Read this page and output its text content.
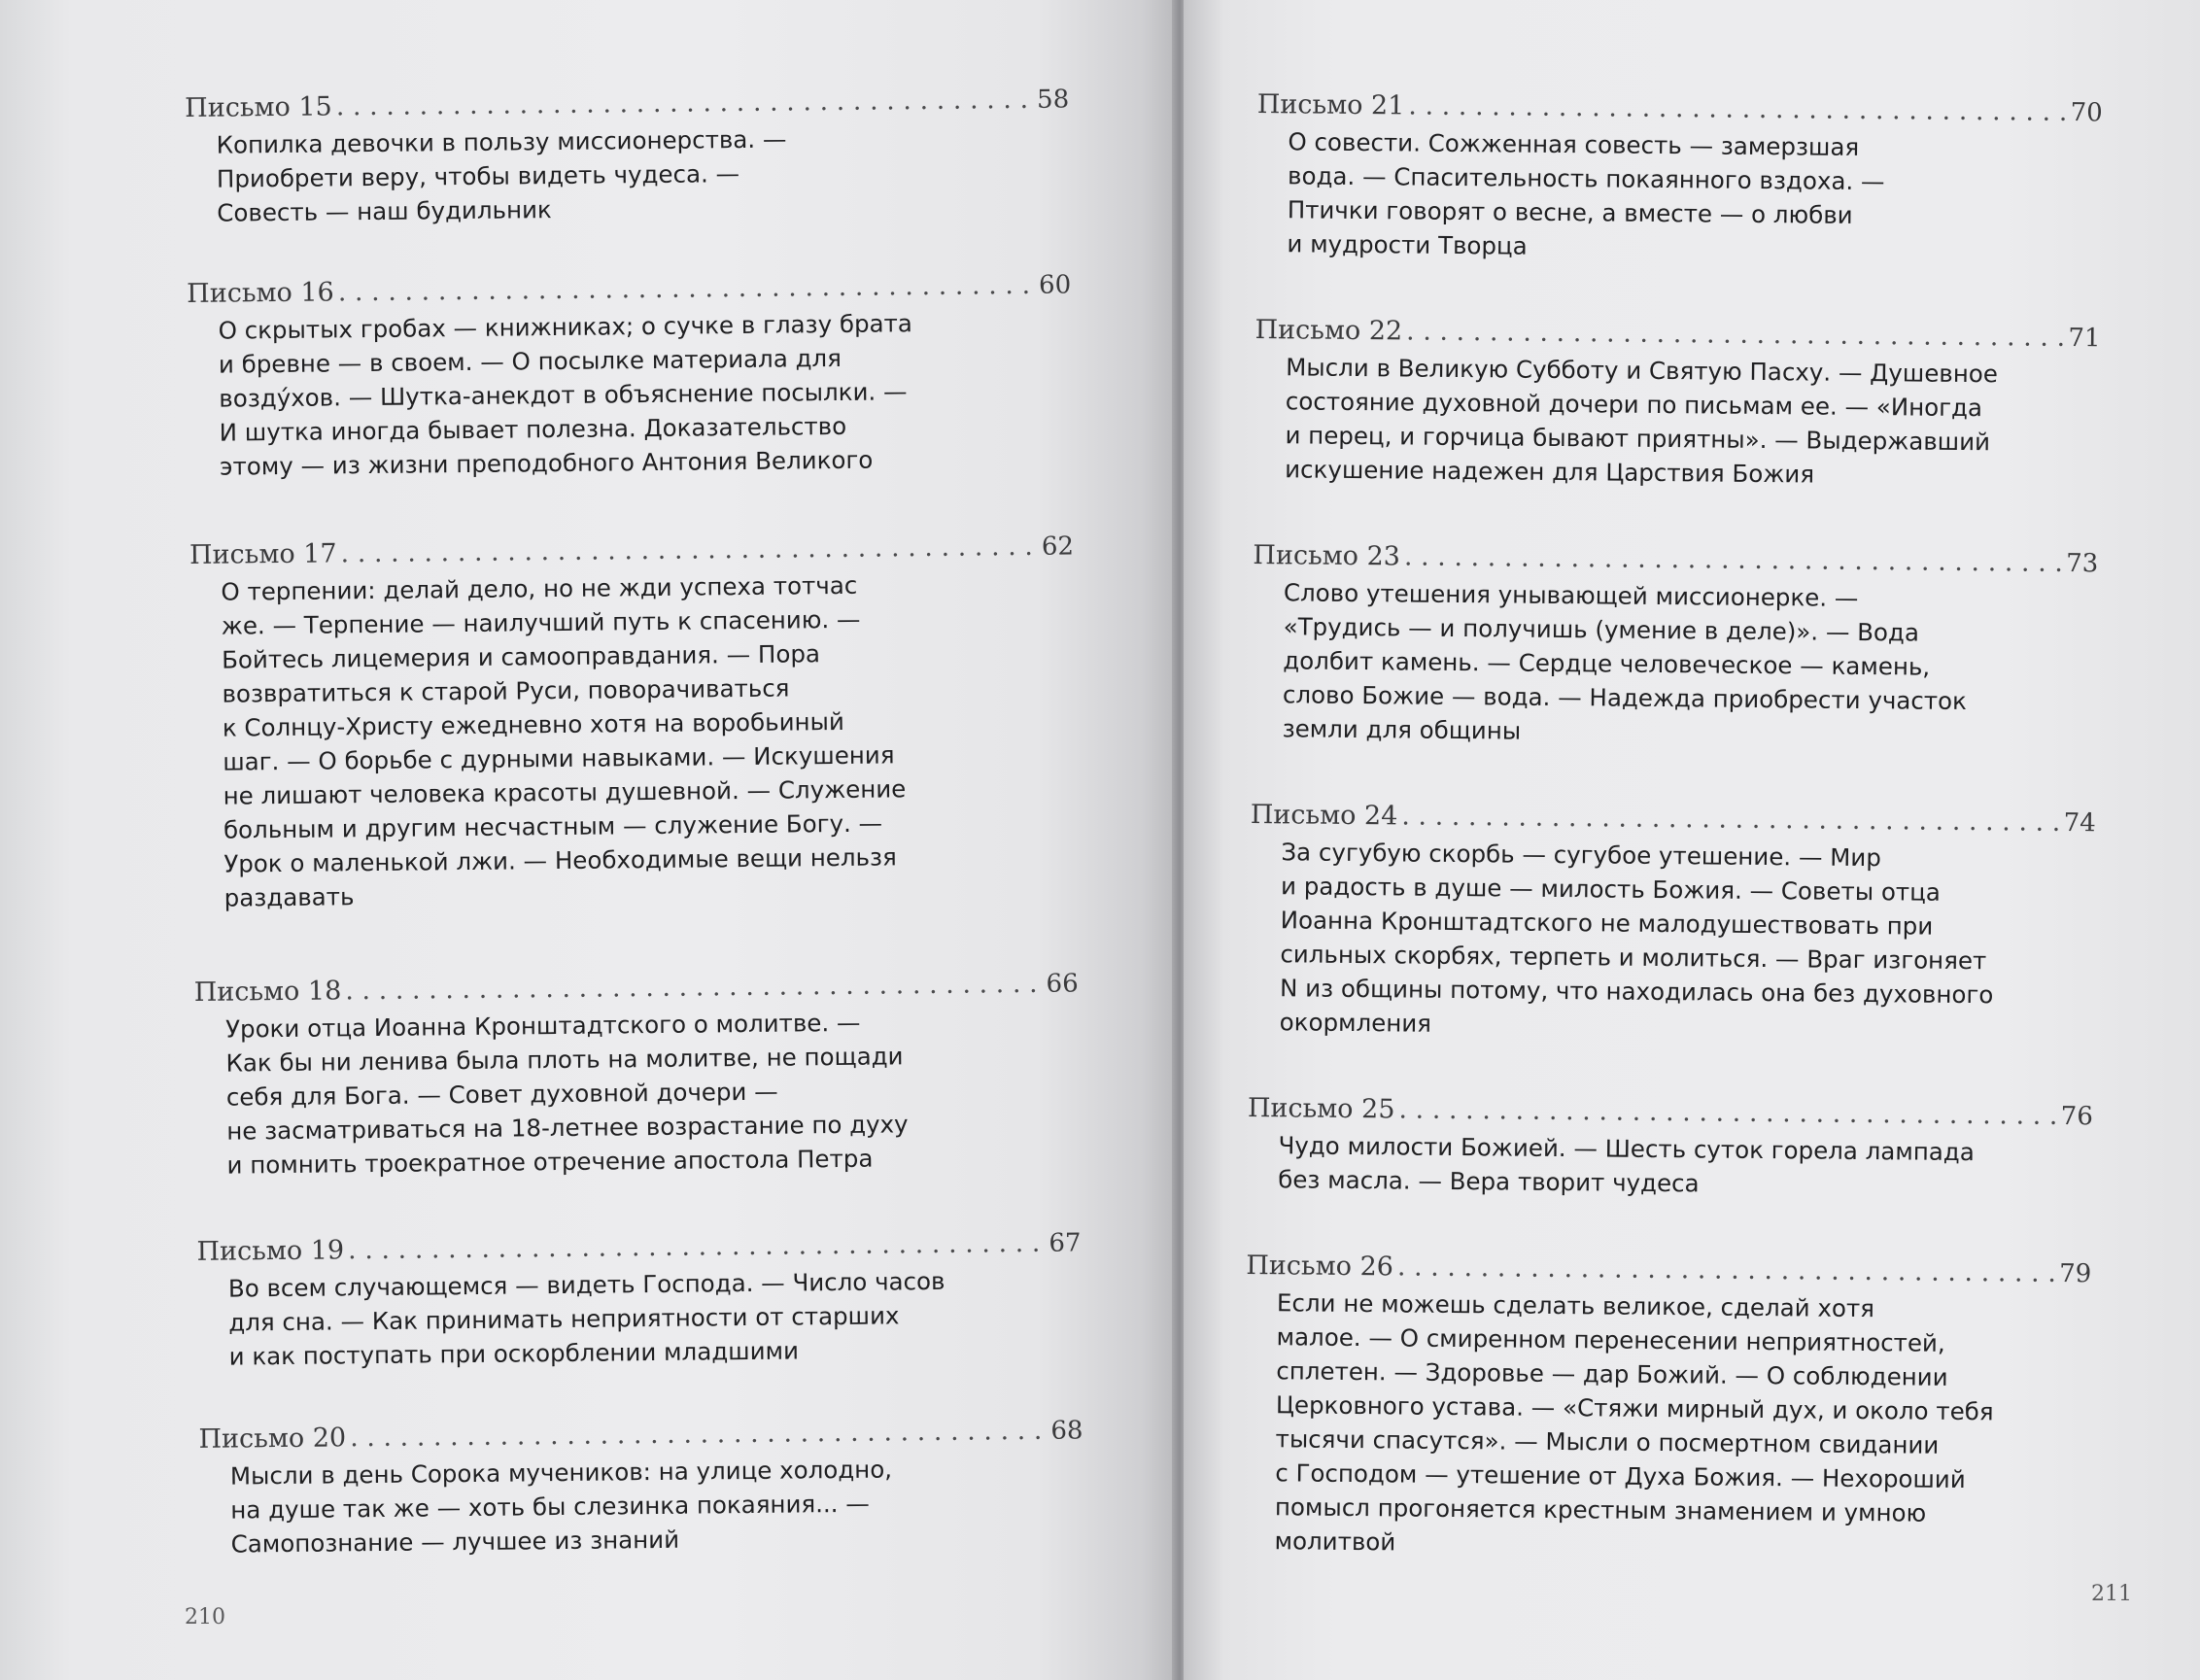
Письмо 15 . . .	58
Копилка девочки в пользу миссионерства. —
Приобрети веру, чтобы видеть чудеса. —
Совесть — наш будильник
Письмо 16 . . .	60
О скрытых гробах — книжниках; о сучке в глазу брата
и бревне — в своем. — О посылке материала для
возду́хов. — Шутка-анекдот в объяснение посылки. —
И шутка иногда бывает полезна. Доказательство
этому — из жизни преподобного Антония Великого
Письмо 17 . . .	62
О терпении: делай дело, но не жди успеха тотчас
же. — Терпение — наилучший путь к спасению. —
Бойтесь лицемерия и самооправдания. — Пора
возвратиться к старой Руси, поворачиваться
к Солнцу-Христу ежедневно хотя на воробьиный
шаг. — О борьбе с дурными навыками. — Искушения
не лишают человека красоты душевной. — Служение
больным и другим несчастным — служение Богу. —
Урок о маленькой лжи. — Необходимые вещи нельзя
раздавать
Письмо 18 . . .	66
Уроки отца Иоанна Кронштадтского о молитве. —
Как бы ни ленива была плоть на молитве, не пощади
себя для Бога. — Совет духовной дочери —
не засматриваться на 18-летнее возрастание по духу
и помнить троекратное отречение апостола Петра
Письмо 19 . . .	67
Во всем случающемся — видеть Господа. — Число часов
для сна. — Как принимать неприятности от старших
и как поступать при оскорблении младшими
Письмо 20 . . .	68
Мысли в день Сорока мучеников: на улице холодно,
на душе так же — хоть бы слезинка покаяния... —
Самопознание — лучшее из знаний
210
Письмо 21 . . .	70
О совести. Сожженная совесть — замерзшая
вода. — Спасительность покаянного вздоха. —
Птички говорят о весне, а вместе — о любви
и мудрости Творца
Письмо 22 . . .	71
Мысли в Великую Субботу и Святую Пасху. — Душевное
состояние духовной дочери по письмам ее. — «Иногда
и перец, и горчица бывают приятны». — Выдержавший
искушение надежен для Царствия Божия
Письмо 23 . . .	73
Слово утешения унывающей миссионерке. —
«Трудись — и получишь (умение в деле)». — Вода
долбит камень. — Сердце человеческое — камень,
слово Божие — вода. — Надежда приобрести участок
земли для общины
Письмо 24 . . .	74
За сугубую скорбь — сугубое утешение. — Мир
и радость в душе — милость Божия. — Советы отца
Иоанна Кронштадтского не малодушествовать при
сильных скорбях, терпеть и молиться. — Враг изгоняет
N из общины потому, что находилась она без духовного
окормления
Письмо 25 . . .	76
Чудо милости Божией. — Шесть суток горела лампада
без масла. — Вера творит чудеса
Письмо 26 . . .	79
Если не можешь сделать великое, сделай хотя
малое. — О смиренном перенесении неприятностей,
сплетен. — Здоровье — дар Божий. — О соблюдении
Церковного устава. — «Стяжи мирный дух, и около тебя
тысячи спасутся». — Мысли о посмертном свидании
с Господом — утешение от Духа Божия. — Нехороший
помысл прогоняется крестным знамением и умною
молитвой
211
